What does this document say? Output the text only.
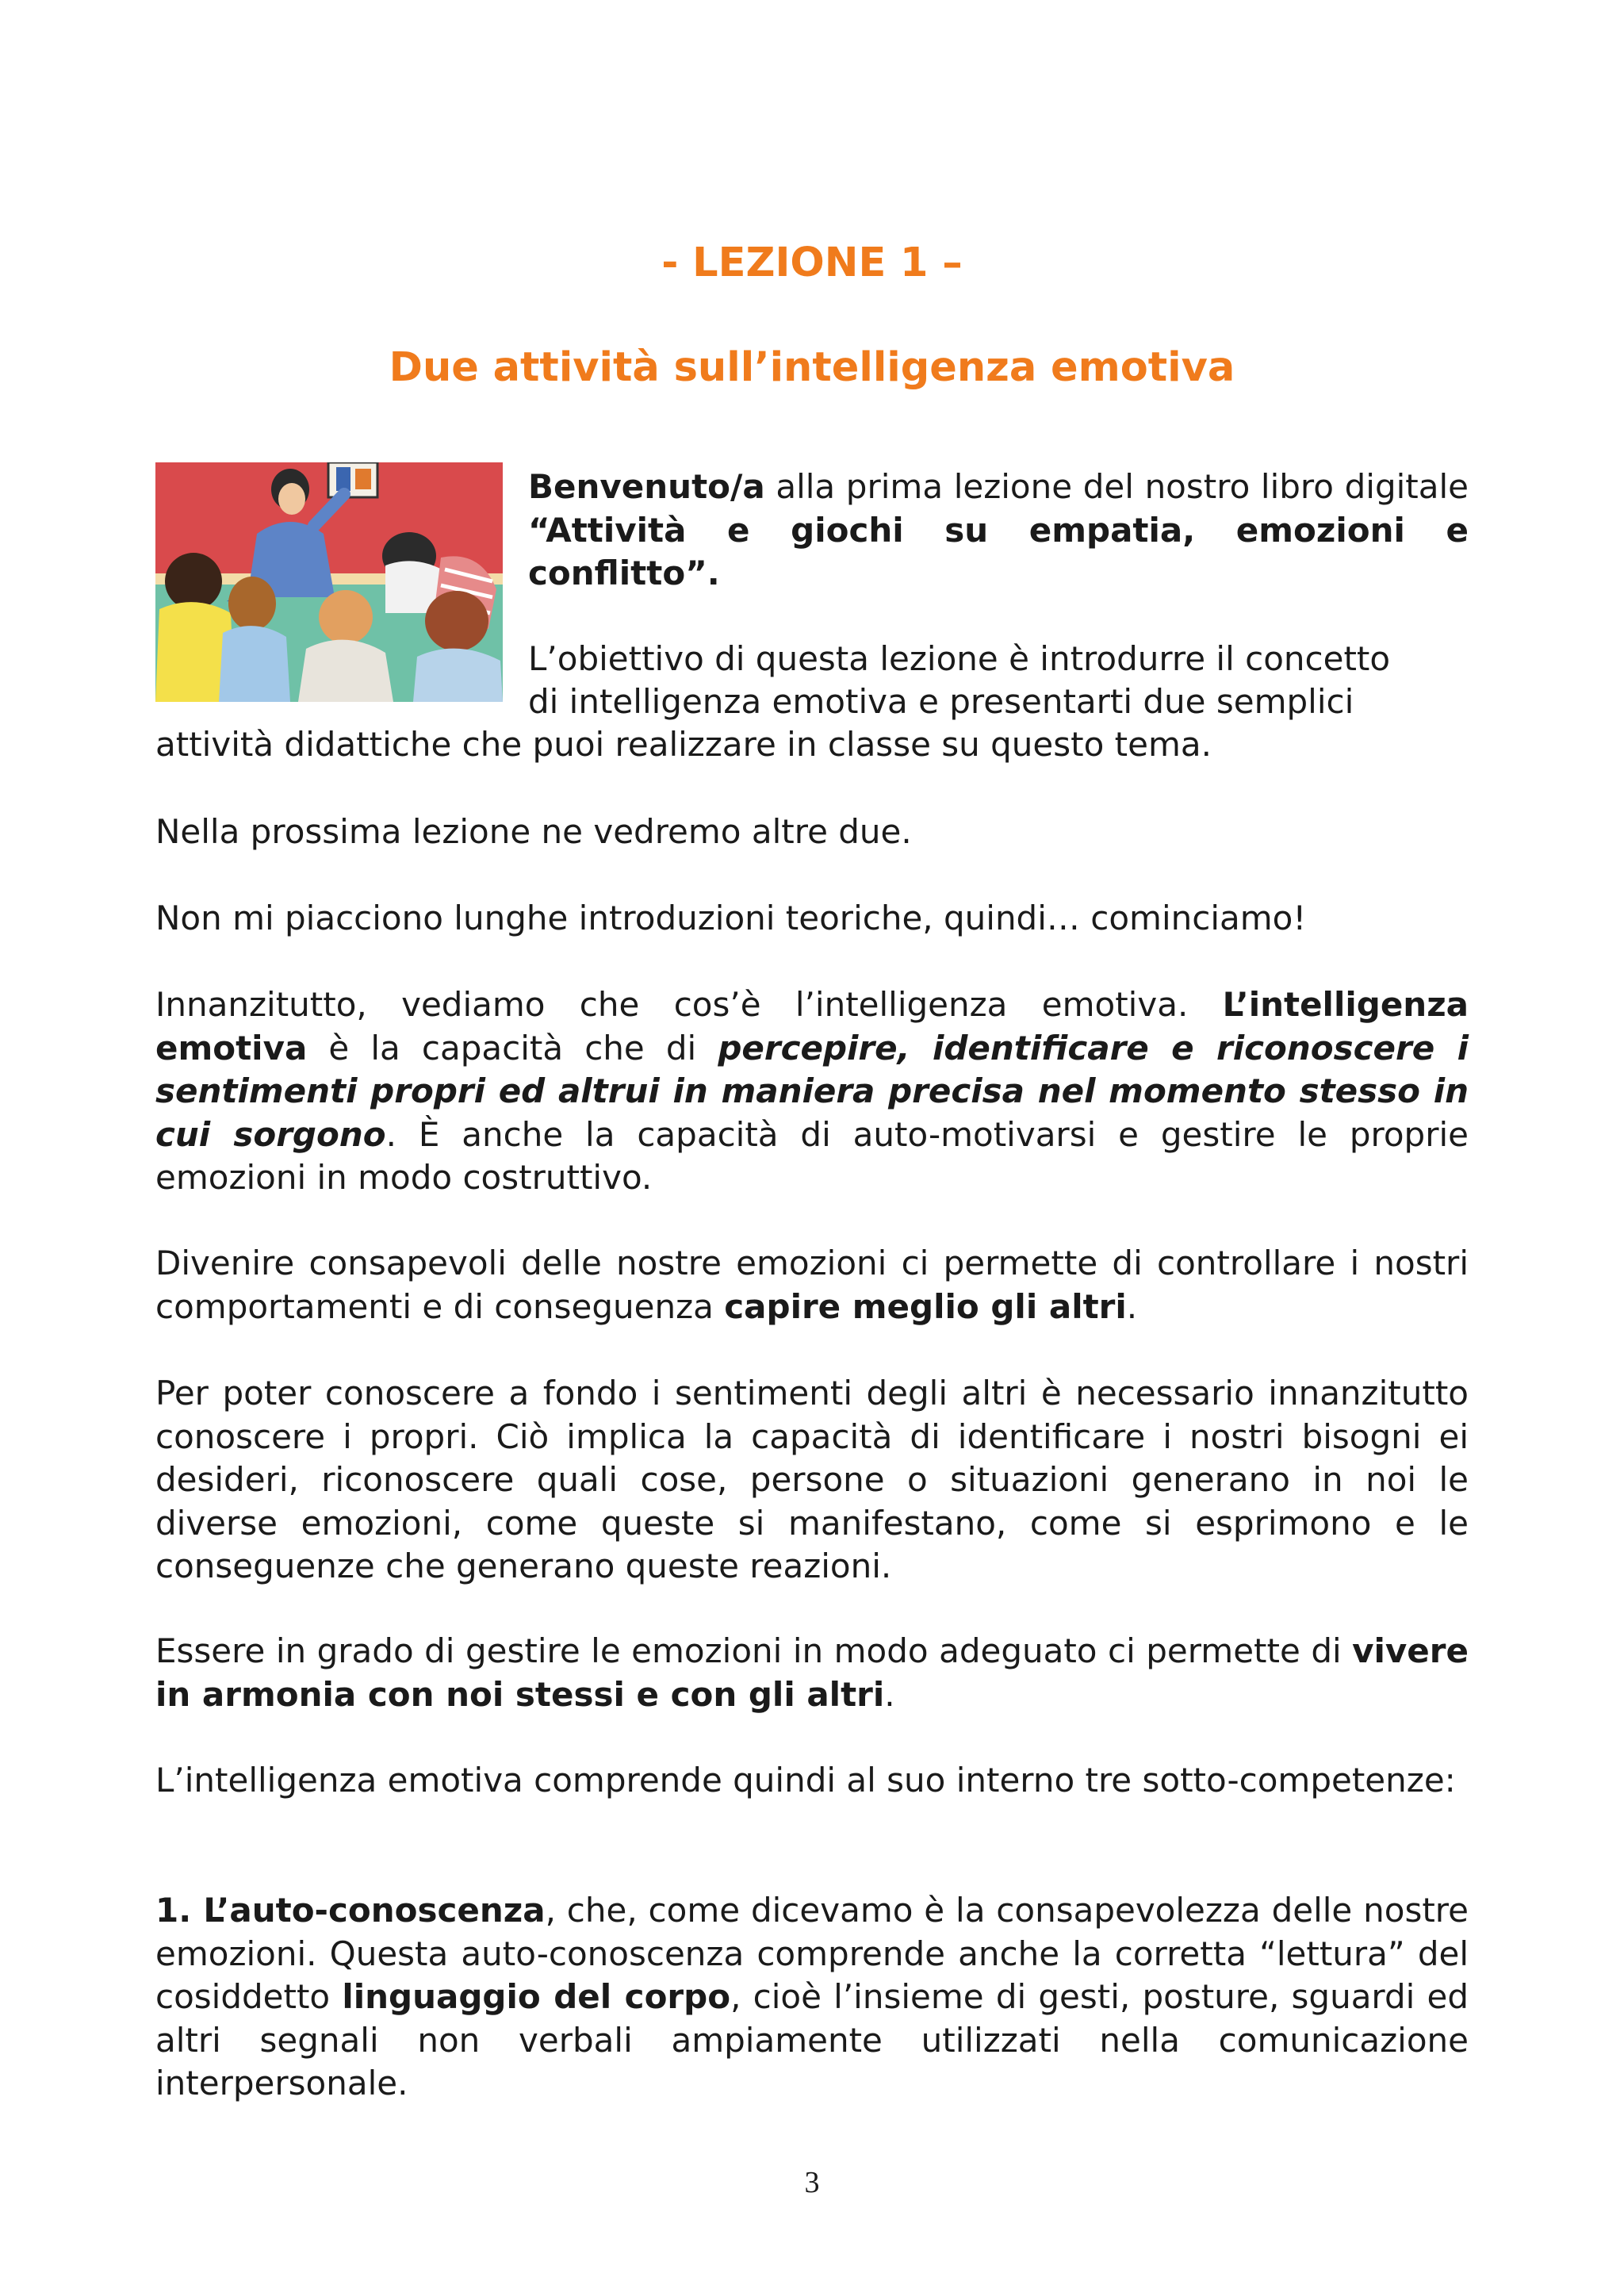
- LEZIONE 1 –
Due attività sull’intelligenza emotiva

Benvenuto/a alla prima lezione del nostro libro digitale “Attività e giochi su empatia, emozioni e conflitto”.

L’obiettivo di questa lezione è introdurre il concetto

di intelligenza emotiva e presentarti due semplici

attività didattiche che puoi realizzare in classe su questo tema.

Nella prossima lezione ne vedremo altre due.

Non mi piacciono lunghe introduzioni teoriche, quindi… cominciamo!

Innanzitutto, vediamo che cos’è l’intelligenza emotiva. L’intelligenza emotiva è la capacità che di percepire, identificare e riconoscere i sentimenti propri ed altrui in maniera precisa nel momento stesso in cui sorgono. È anche la capacità di auto-motivarsi e gestire le proprie emozioni in modo costruttivo.

Divenire consapevoli delle nostre emozioni ci permette di controllare i nostri comportamenti e di conseguenza capire meglio gli altri.

Per poter conoscere a fondo i sentimenti degli altri è necessario innanzitutto conoscere i propri. Ciò implica la capacità di identificare i nostri bisogni ei desideri, riconoscere quali cose, persone o situazioni generano in noi le diverse emozioni, come queste si manifestano, come si esprimono e le conseguenze che generano queste reazioni.

Essere in grado di gestire le emozioni in modo adeguato ci permette di vivere in armonia con noi stessi e con gli altri.

L’intelligenza emotiva comprende quindi al suo interno tre sotto-competenze:

1. L’auto-conoscenza, che, come dicevamo è la consapevolezza delle nostre emozioni. Questa auto-conoscenza comprende anche la corretta “lettura” del cosiddetto linguaggio del corpo, cioè l’insieme di gesti, posture, sguardi ed altri segnali non verbali ampiamente utilizzati nella comunicazione interpersonale.

3
